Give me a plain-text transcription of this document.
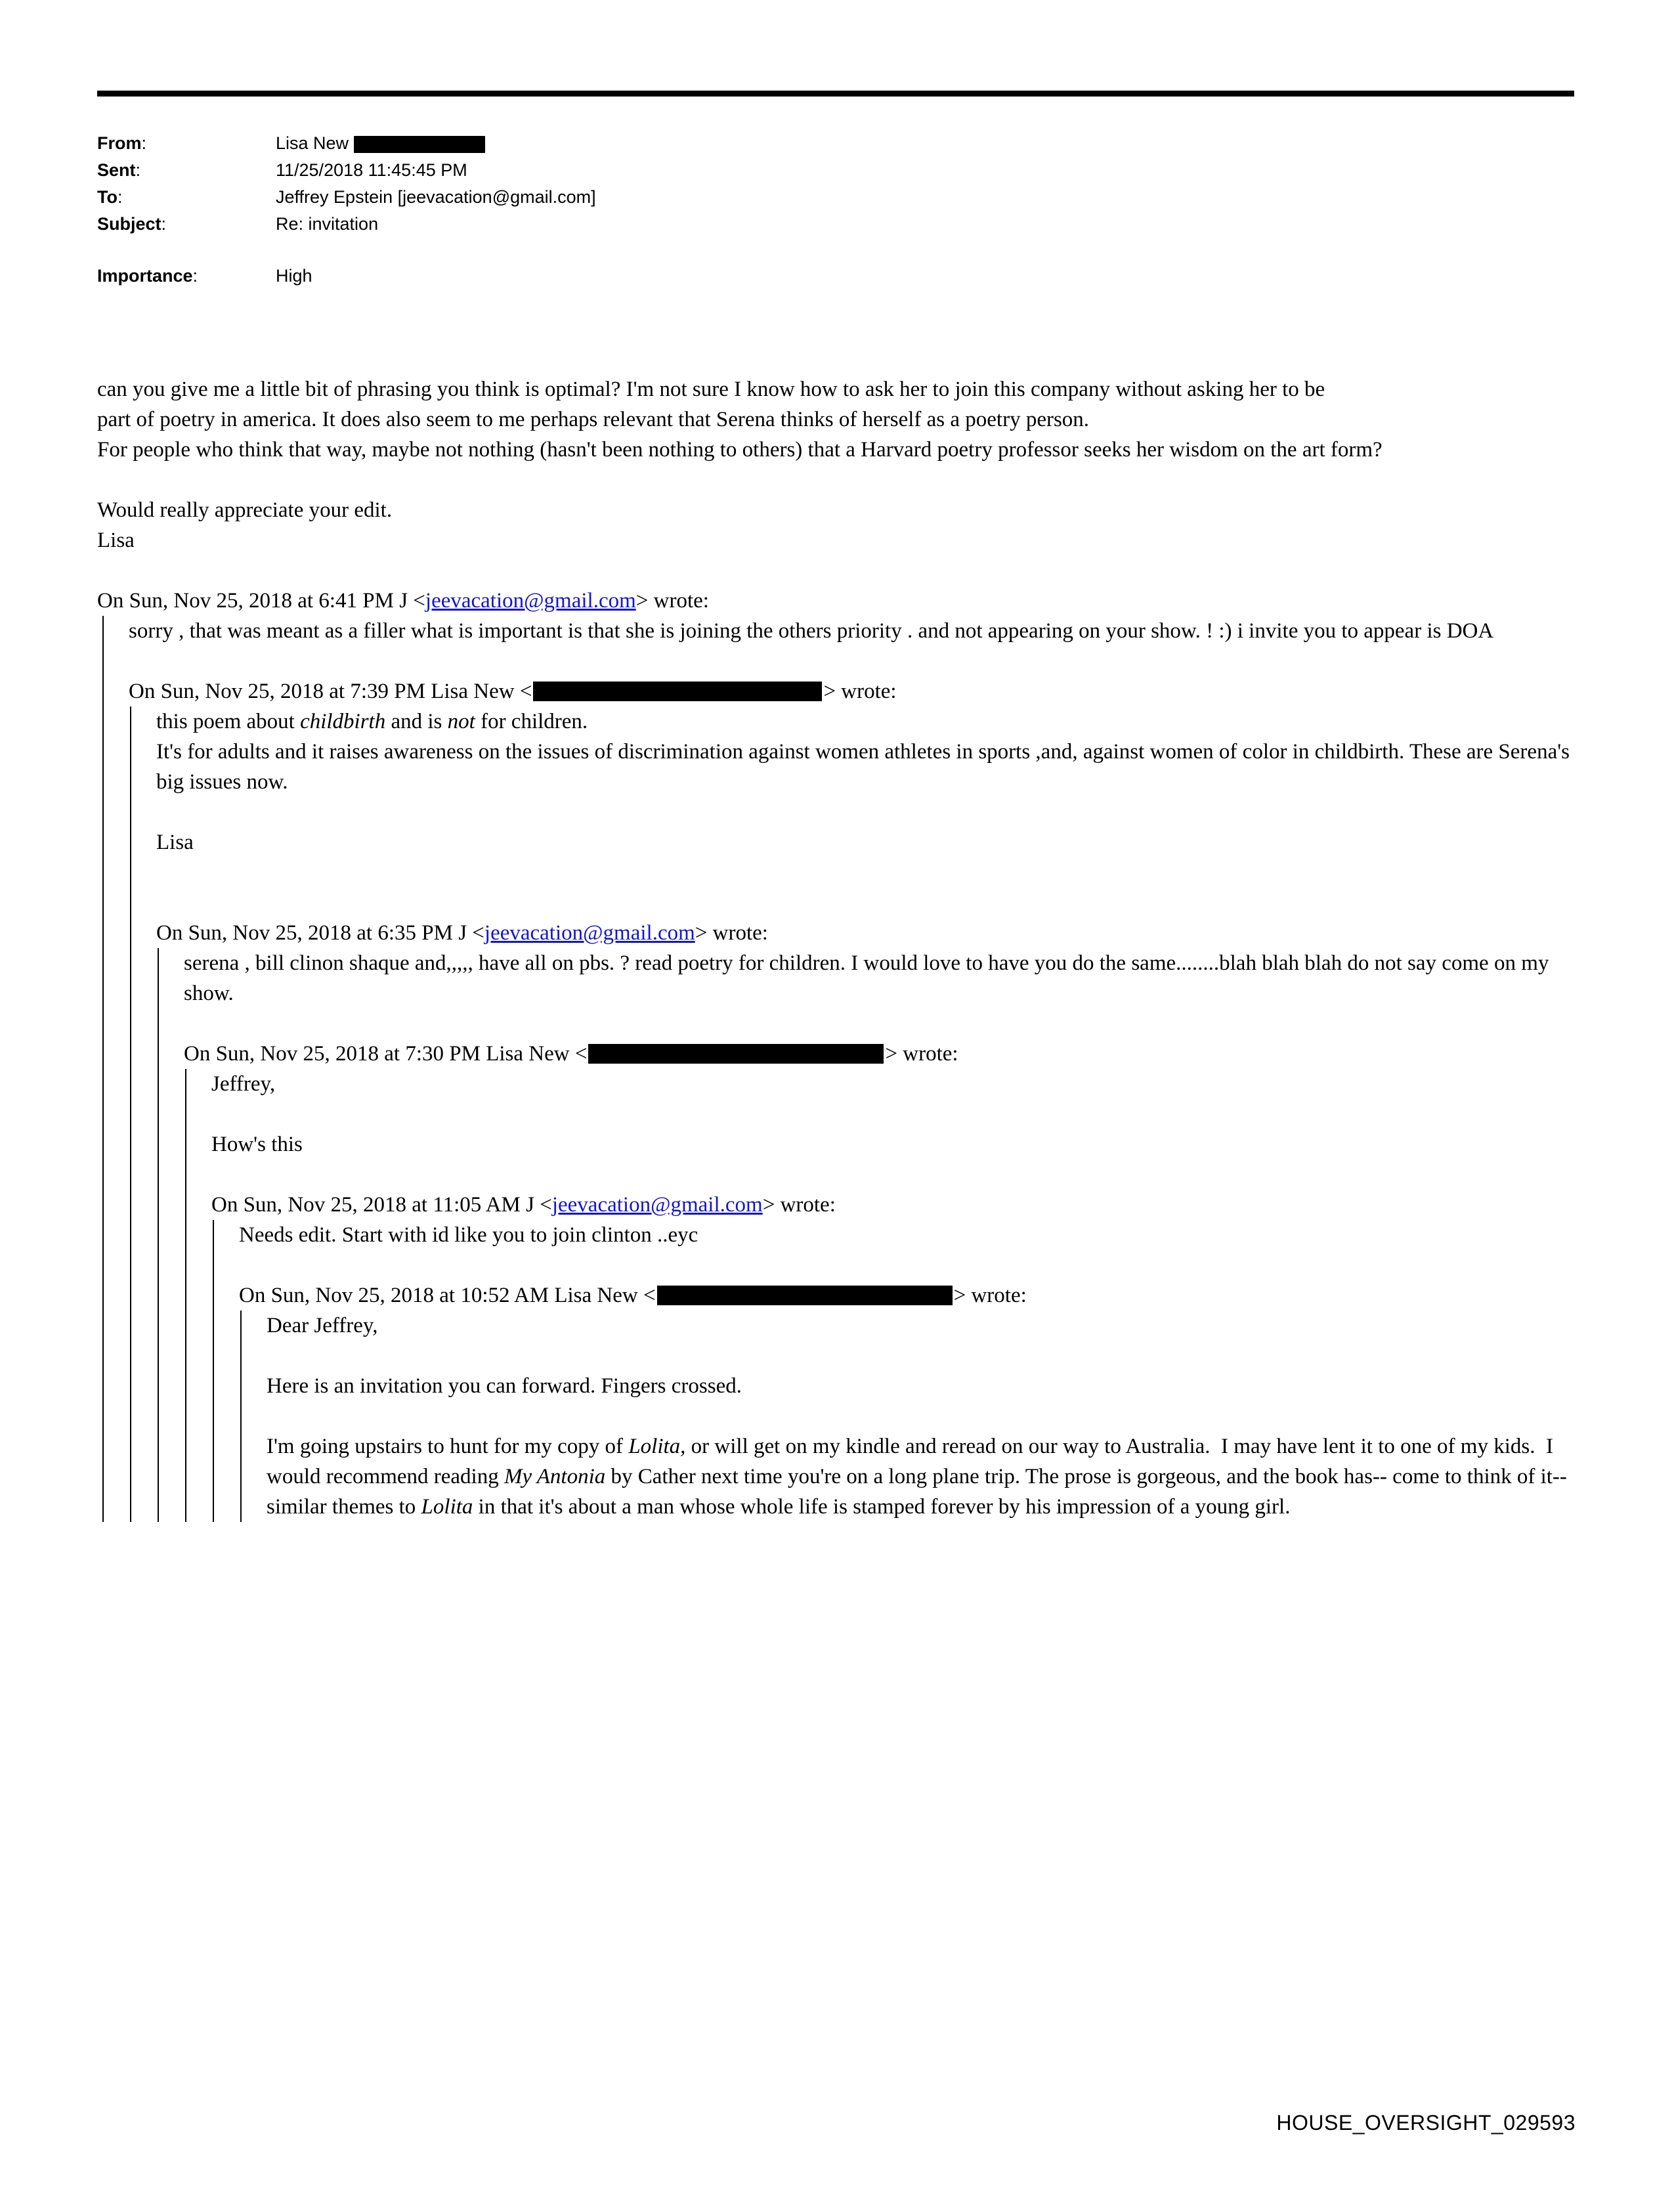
From:	Lisa New
Sent:	11/25/2018 11:45:45 PM
To:	Jeffrey Epstein [jeevacation@gmail.com]
Subject:	Re: invitation
Importance:	High
can you give me a little bit of phrasing you think is optimal? I'm not sure I know how to ask her to join this company without asking her to be
part of poetry in america. It does also seem to me perhaps relevant that Serena thinks of herself as a poetry person.
For people who think that way, maybe not nothing (hasn't been nothing to others) that a Harvard poetry professor seeks her wisdom on the art form?
Would really appreciate your edit.
Lisa
On Sun, Nov 25, 2018 at 6:41 PM J <jeevacation@gmail.com> wrote:
sorry , that was meant as a filler what is important is that she is joining the others priority . and not appearing on your show. ! :) i invite you to appear is DOA
On Sun, Nov 25, 2018 at 7:39 PM Lisa New <	> wrote:
this poem about childbirth and is not for children.
It's for adults and it raises awareness on the issues of discrimination against women athletes in sports ,and, against women of color in childbirth. These are Serena's big issues now.
Lisa
On Sun, Nov 25, 2018 at 6:35 PM J <jeevacation@gmail.com> wrote:
serena , bill clinon shaque and,,,,, have all on pbs. ? read poetry for children. I would love to have you do the same........blah blah blah do not say come on my show.
On Sun, Nov 25, 2018 at 7:30 PM Lisa New <	> wrote:
Jeffrey,
How's this
On Sun, Nov 25, 2018 at 11:05 AM J <jeevacation@gmail.com> wrote:
Needs edit. Start with id like you to join clinton ..eyc
On Sun, Nov 25, 2018 at 10:52 AM Lisa New <	> wrote:
Dear Jeffrey,
Here is an invitation you can forward. Fingers crossed.
I'm going upstairs to hunt for my copy of Lolita, or will get on my kindle and reread on our way to Australia.  I may have lent it to one of my kids.  I would recommend reading My Antonia by Cather next time you're on a long plane trip. The prose is gorgeous, and the book has-- come to think of it-- similar themes to Lolita in that it's about a man whose whole life is stamped forever by his impression of a young girl.
HOUSE_OVERSIGHT_029593
